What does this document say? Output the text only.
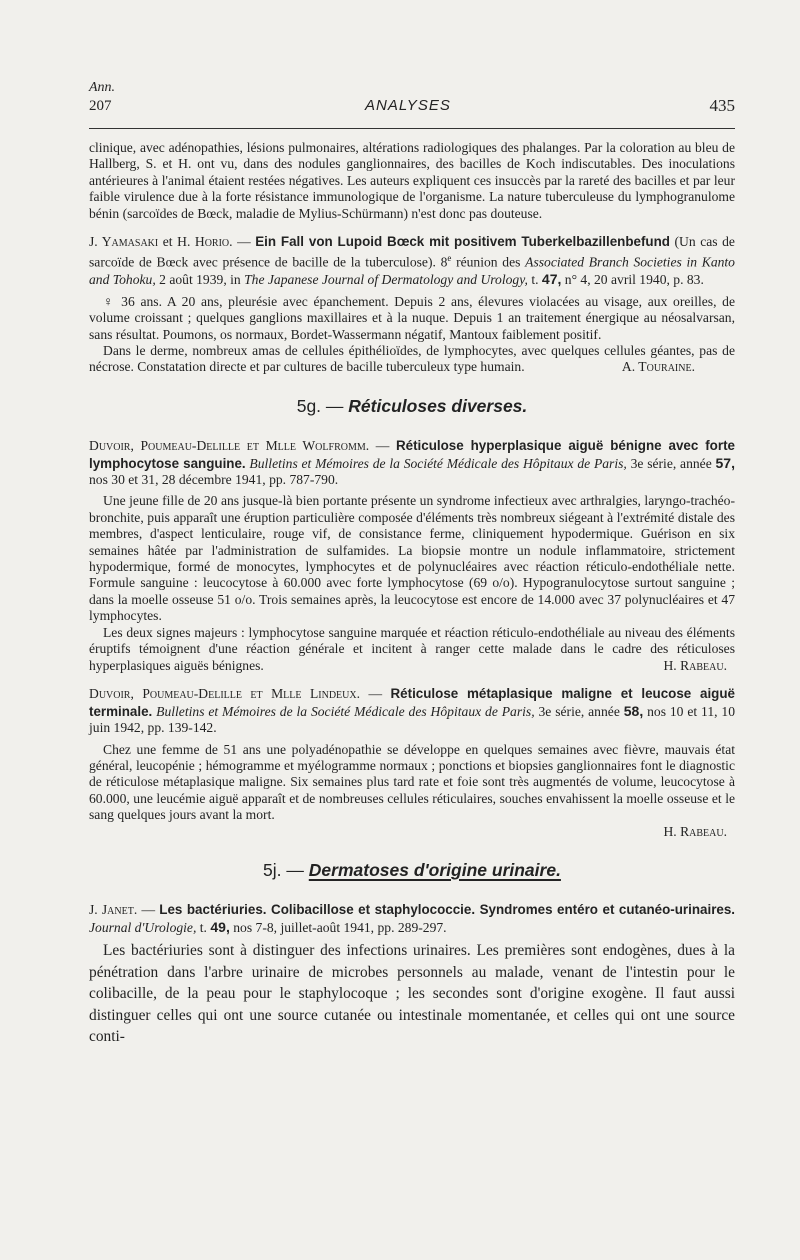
Ann.
207	ANALYSES	435

clinique, avec adénopathies, lésions pulmonaires, altérations radiologiques des phalanges. Par la coloration au bleu de Hallberg, S. et H. ont vu, dans des nodules ganglionnaires, des bacilles de Koch indiscutables. Des inoculations antérieures à l'animal étaient restées négatives. Les auteurs expliquent ces insuccès par la rareté des bacilles et par leur faible virulence due à la forte résistance immunologique de l'organisme. La nature tuberculeuse du lymphogranulome bénin (sarcoïdes de Bœck, maladie de Mylius-Schürmann) n'est donc pas douteuse.

J. Yamasaki et H. Horio. — Ein Fall von Lupoid Bœck mit positivem Tuberkelbazillenbefund (Un cas de sarcoïde de Bœck avec présence de bacille de la tuberculose). 8e réunion des Associated Branch Societies in Kanto and Tohoku, 2 août 1939, in The Japanese Journal of Dermatology and Urology, t. 47, n° 4, 20 avril 1940, p. 83.

♀ 36 ans. A 20 ans, pleurésie avec épanchement. Depuis 2 ans, élevures violacées au visage, aux oreilles, de volume croissant ; quelques ganglions maxillaires et à la nuque. Depuis 1 an traitement énergique au néosalvarsan, sans résultat. Poumons, os normaux, Bordet-Wassermann négatif, Mantoux faiblement positif.

Dans le derme, nombreux amas de cellules épithélioïdes, de lymphocytes, avec quelques cellules géantes, pas de nécrose. Constatation directe et par cultures de bacille tuberculeux type humain.	A. Touraine.

5g. — Réticuloses diverses.

Duvoir, Poumeau-Delille et Mlle Wolfromm. — Réticulose hyperplasique aiguë bénigne avec forte lymphocytose sanguine. Bulletins et Mémoires de la Société Médicale des Hôpitaux de Paris, 3e série, année 57, nos 30 et 31, 28 décembre 1941, pp. 787-790.

Une jeune fille de 20 ans jusque-là bien portante présente un syndrome infectieux avec arthralgies, laryngo-trachéo-bronchite, puis apparaît une éruption particulière composée d'éléments très nombreux siégeant à l'extrémité distale des membres, d'aspect lenticulaire, rouge vif, de consistance ferme, cliniquement hypodermique. Guérison en six semaines hâtée par l'administration de sulfamides. La biopsie montre un nodule inflammatoire, strictement hypodermique, formé de monocytes, lymphocytes et de polynucléaires avec réaction réticulo-endothéliale nette. Formule sanguine : leucocytose à 60.000 avec forte lymphocytose (69 o/o). Hypogranulocytose surtout sanguine ; dans la moelle osseuse 51 o/o. Trois semaines après, la leucocytose est encore de 14.000 avec 37 polynucléaires et 47 lymphocytes.

Les deux signes majeurs : lymphocytose sanguine marquée et réaction réticulo-endothéliale au niveau des éléments éruptifs témoignent d'une réaction générale et incitent à ranger cette malade dans le cadre des réticuloses hyperplasiques aiguës bénignes.	H. Rabeau.

Duvoir, Poumeau-Delille et Mlle Lindeux. — Réticulose métaplasique maligne et leucose aiguë terminale. Bulletins et Mémoires de la Société Médicale des Hôpitaux de Paris, 3e série, année 58, nos 10 et 11, 10 juin 1942, pp. 139-142.

Chez une femme de 51 ans une polyadénopathie se développe en quelques semaines avec fièvre, mauvais état général, leucopénie ; hémogramme et myélogramme normaux ; ponctions et biopsies ganglionnaires font le diagnostic de réticulose métaplasique maligne. Six semaines plus tard rate et foie sont très augmentés de volume, leucocytose à 60.000, une leucémie aiguë apparaît et de nombreuses cellules réticulaires, souches envahissent la moelle osseuse et le sang quelques jours avant la mort.

H. Rabeau.

5j. — Dermatoses d'origine urinaire.

J. Janet. — Les bactériuries. Colibacillose et staphylococcie. Syndromes entéro et cutanéo-urinaires. Journal d'Urologie, t. 49, nos 7-8, juillet-août 1941, pp. 289-297.

Les bactériuries sont à distinguer des infections urinaires. Les premières sont endogènes, dues à la pénétration dans l'arbre urinaire de microbes personnels au malade, venant de l'intestin pour le colibacille, de la peau pour le staphylocoque ; les secondes sont d'origine exogène. Il faut aussi distinguer celles qui ont une source cutanée ou intestinale momentanée, et celles qui ont une source conti-
